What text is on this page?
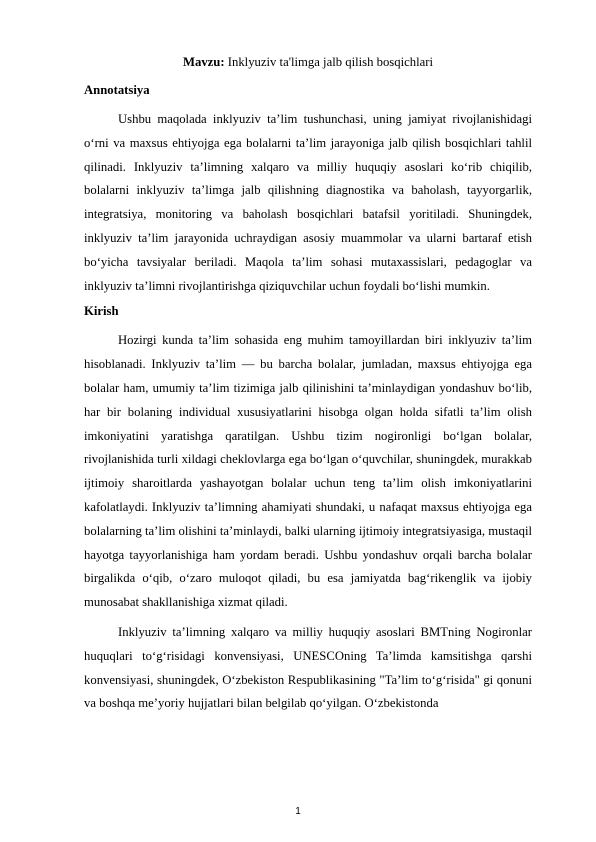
Mavzu: Inklyuziv ta'limga jalb qilish bosqichlari

Annotatsiya

Ushbu maqolada inklyuziv ta’lim tushunchasi, uning jamiyat rivojlanishidagi o‘rni va maxsus ehtiyojga ega bolalarni ta’lim jarayoniga jalb qilish bosqichlari tahlil qilinadi. Inklyuziv ta’limning xalqaro va milliy huquqiy asoslari ko‘rib chiqilib, bolalarni inklyuziv ta’limga jalb qilishning diagnostika va baholash, tayyorgarlik, integratsiya, monitoring va baholash bosqichlari batafsil yoritiladi. Shuningdek, inklyuziv ta’lim jarayonida uchraydigan asosiy muammolar va ularni bartaraf etish bo‘yicha tavsiyalar beriladi. Maqola ta’lim sohasi mutaxassislari, pedagoglar va inklyuziv ta’limni rivojlantirishga qiziquvchilar uchun foydali bo‘lishi mumkin.

Kirish

Hozirgi kunda ta’lim sohasida eng muhim tamoyillardan biri inklyuziv ta’lim hisoblanadi. Inklyuziv ta’lim — bu barcha bolalar, jumladan, maxsus ehtiyojga ega bolalar ham, umumiy ta’lim tizimiga jalb qilinishini ta’minlaydigan yondashuv bo‘lib, har bir bolaning individual xususiyatlarini hisobga olgan holda sifatli ta’lim olish imkoniyatini yaratishga qaratilgan. Ushbu tizim nogironligi bo‘lgan bolalar, rivojlanishida turli xildagi cheklovlarga ega bo‘lgan o‘quvchilar, shuningdek, murakkab ijtimoiy sharoitlarda yashayotgan bolalar uchun teng ta’lim olish imkoniyatlarini kafolatlaydi. Inklyuziv ta’limning ahamiyati shundaki, u nafaqat maxsus ehtiyojga ega bolalarning ta’lim olishini ta’minlaydi, balki ularning ijtimoiy integratsiyasiga, mustaqil hayotga tayyorlanishiga ham yordam beradi. Ushbu yondashuv orqali barcha bolalar birgalikda o‘qib, o‘zaro muloqot qiladi, bu esa jamiyatda bag‘rikenglik va ijobiy munosabat shakllanishiga xizmat qiladi.

Inklyuziv ta’limning xalqaro va milliy huquqiy asoslari BMTning Nogironlar huquqlari to‘g‘risidagi konvensiyasi, UNESCOning Ta’limda kamsitishga qarshi konvensiyasi, shuningdek, O‘zbekiston Respublikasining "Ta’lim to‘g‘risida" gi qonuni va boshqa me’yoriy hujjatlari bilan belgilab qo‘yilgan. O‘zbekistonda

1
